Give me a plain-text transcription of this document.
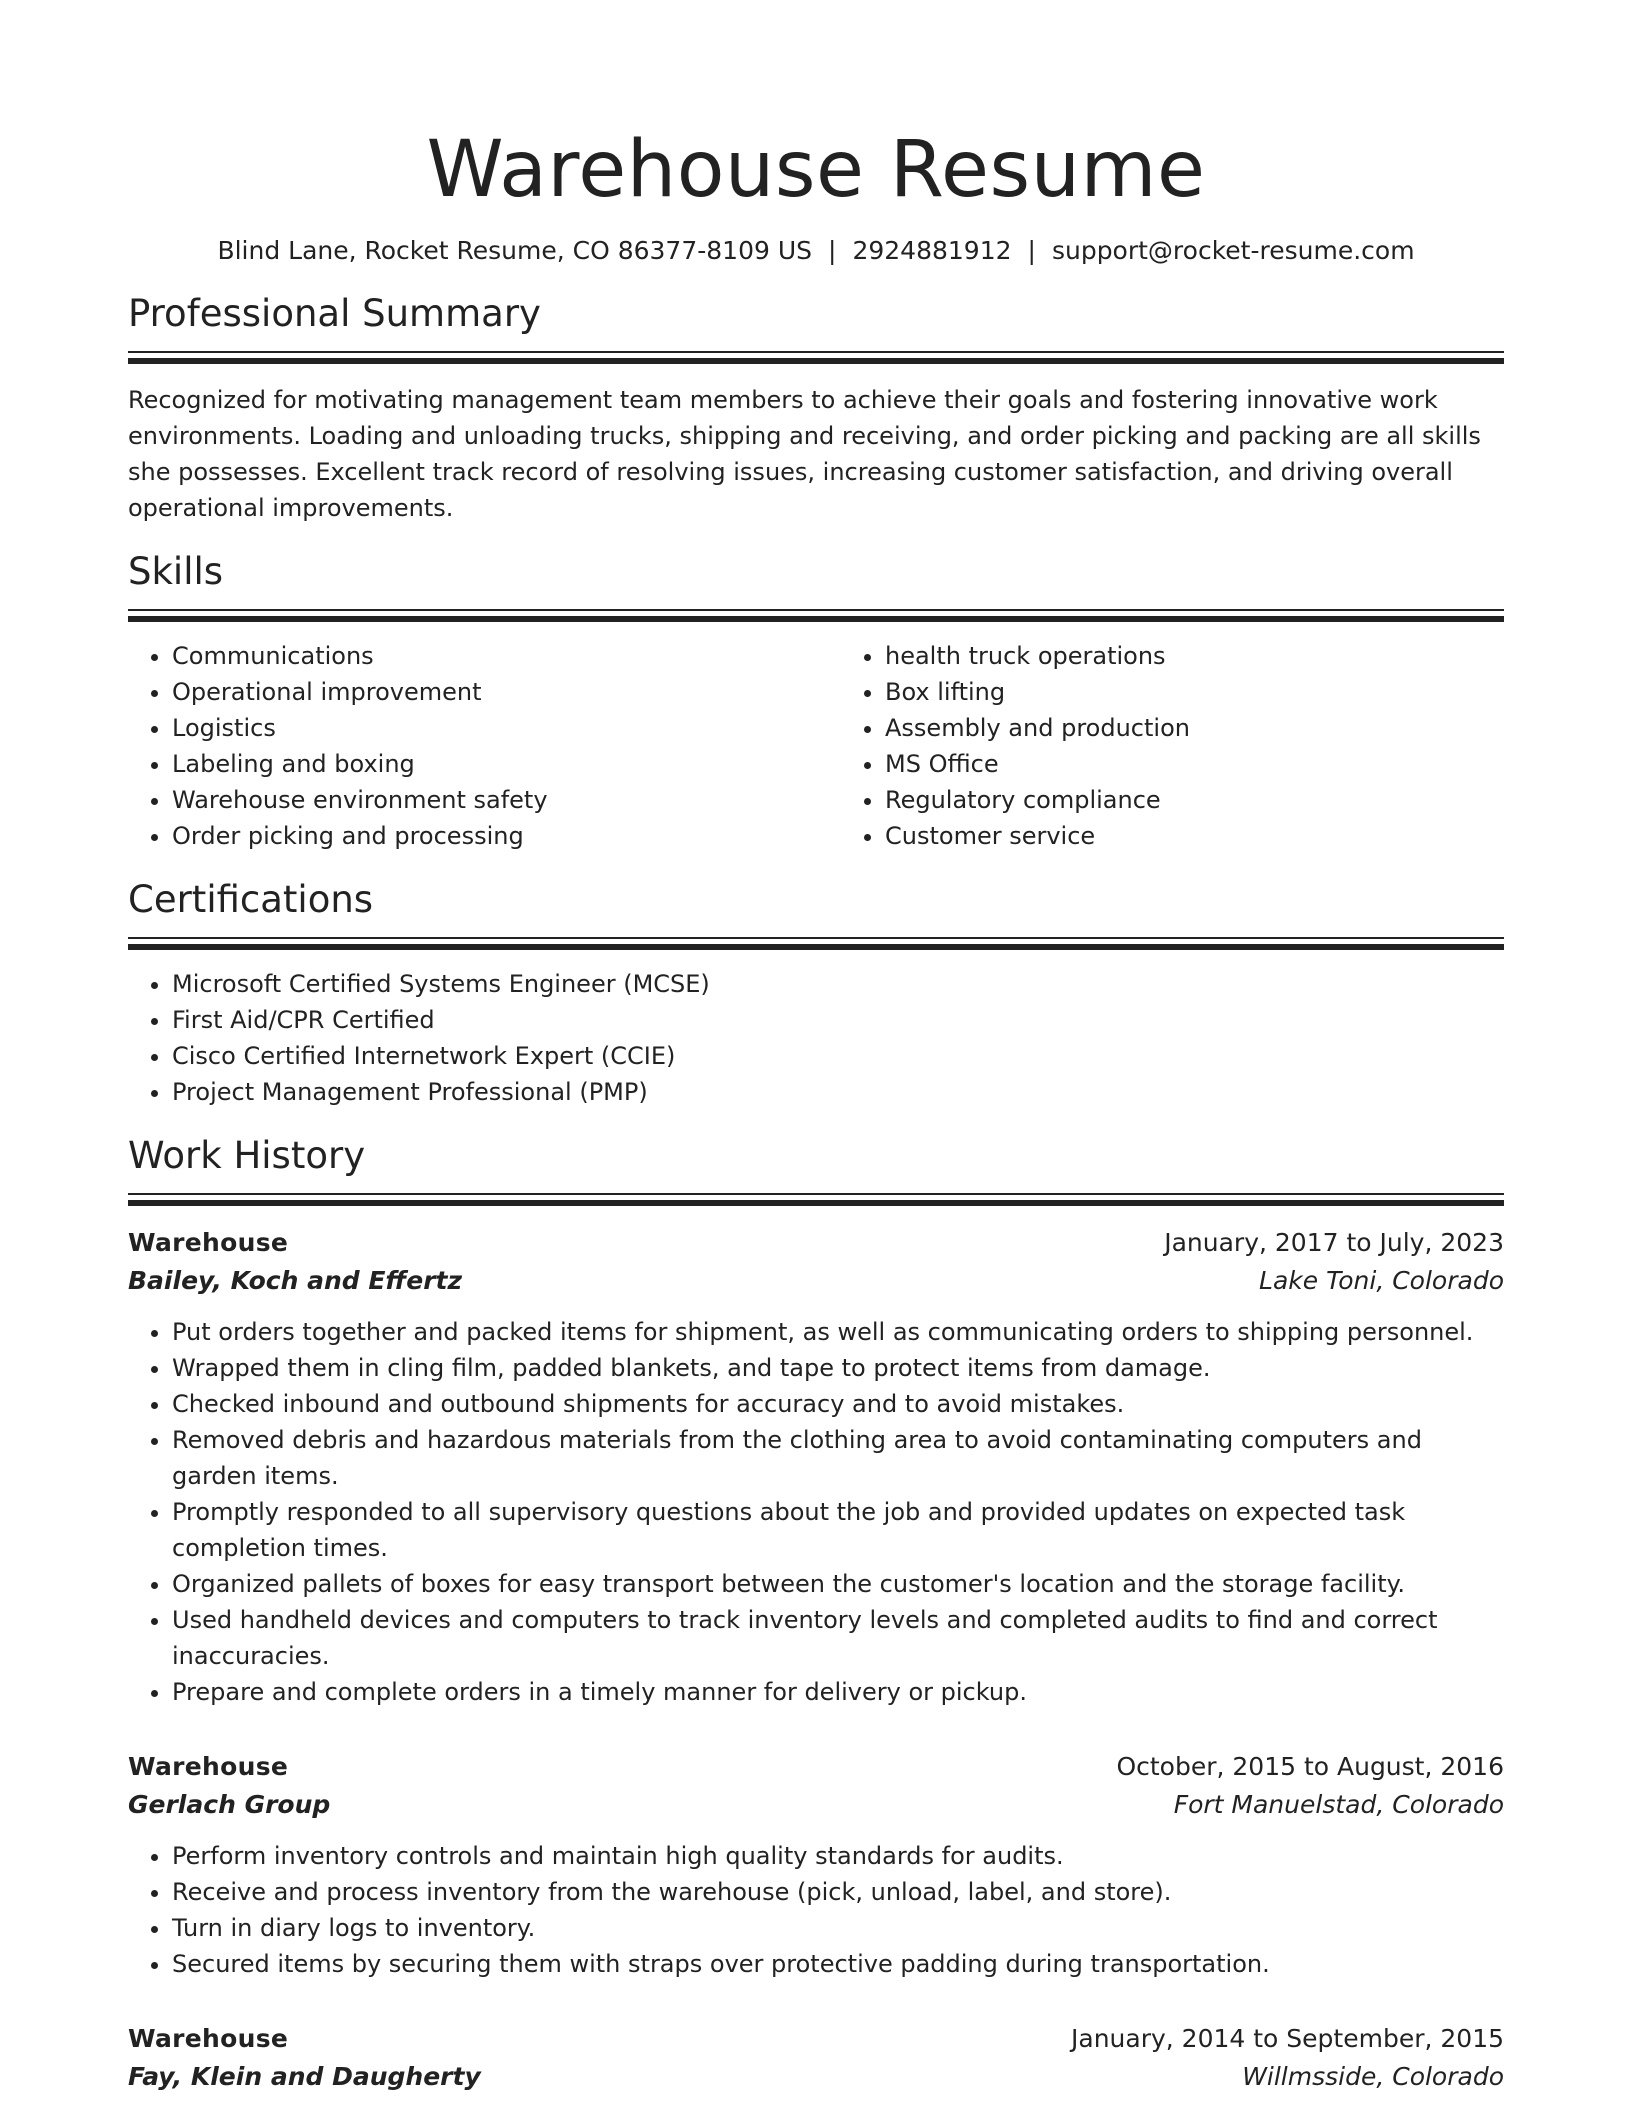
Warehouse Resume
Blind Lane, Rocket Resume, CO 86377-8109 US | 2924881912 | support@rocket-resume.com
Professional Summary

Recognized for motivating management team members to achieve their goals and fostering innovative work environments. Loading and unloading trucks, shipping and receiving, and order picking and packing are all skills she possesses. Excellent track record of resolving issues, increasing customer satisfaction, and driving overall operational improvements.

Skills
• Communications
• Operational improvement
• Logistics
• Labeling and boxing
• Warehouse environment safety
• Order picking and processing
• health truck operations
• Box lifting
• Assembly and production
• MS Office
• Regulatory compliance
• Customer service
Certifications
• Microsoft Certified Systems Engineer (MCSE)
• First Aid/CPR Certified
• Cisco Certified Internetwork Expert (CCIE)
• Project Management Professional (PMP)
Work History
Warehouse	January, 2017 to July, 2023
Bailey, Koch and Effertz	Lake Toni, Colorado
• Put orders together and packed items for shipment, as well as communicating orders to shipping personnel.
• Wrapped them in cling film, padded blankets, and tape to protect items from damage.
• Checked inbound and outbound shipments for accuracy and to avoid mistakes.
• Removed debris and hazardous materials from the clothing area to avoid contaminating computers and garden items.
• Promptly responded to all supervisory questions about the job and provided updates on expected task completion times.
• Organized pallets of boxes for easy transport between the customer's location and the storage facility.
• Used handheld devices and computers to track inventory levels and completed audits to find and correct inaccuracies.
• Prepare and complete orders in a timely manner for delivery or pickup.
Warehouse	October, 2015 to August, 2016
Gerlach Group	Fort Manuelstad, Colorado
• Perform inventory controls and maintain high quality standards for audits.
• Receive and process inventory from the warehouse (pick, unload, label, and store).
• Turn in diary logs to inventory.
• Secured items by securing them with straps over protective padding during transportation.
Warehouse	January, 2014 to September, 2015
Fay, Klein and Daugherty	Willmsside, Colorado
